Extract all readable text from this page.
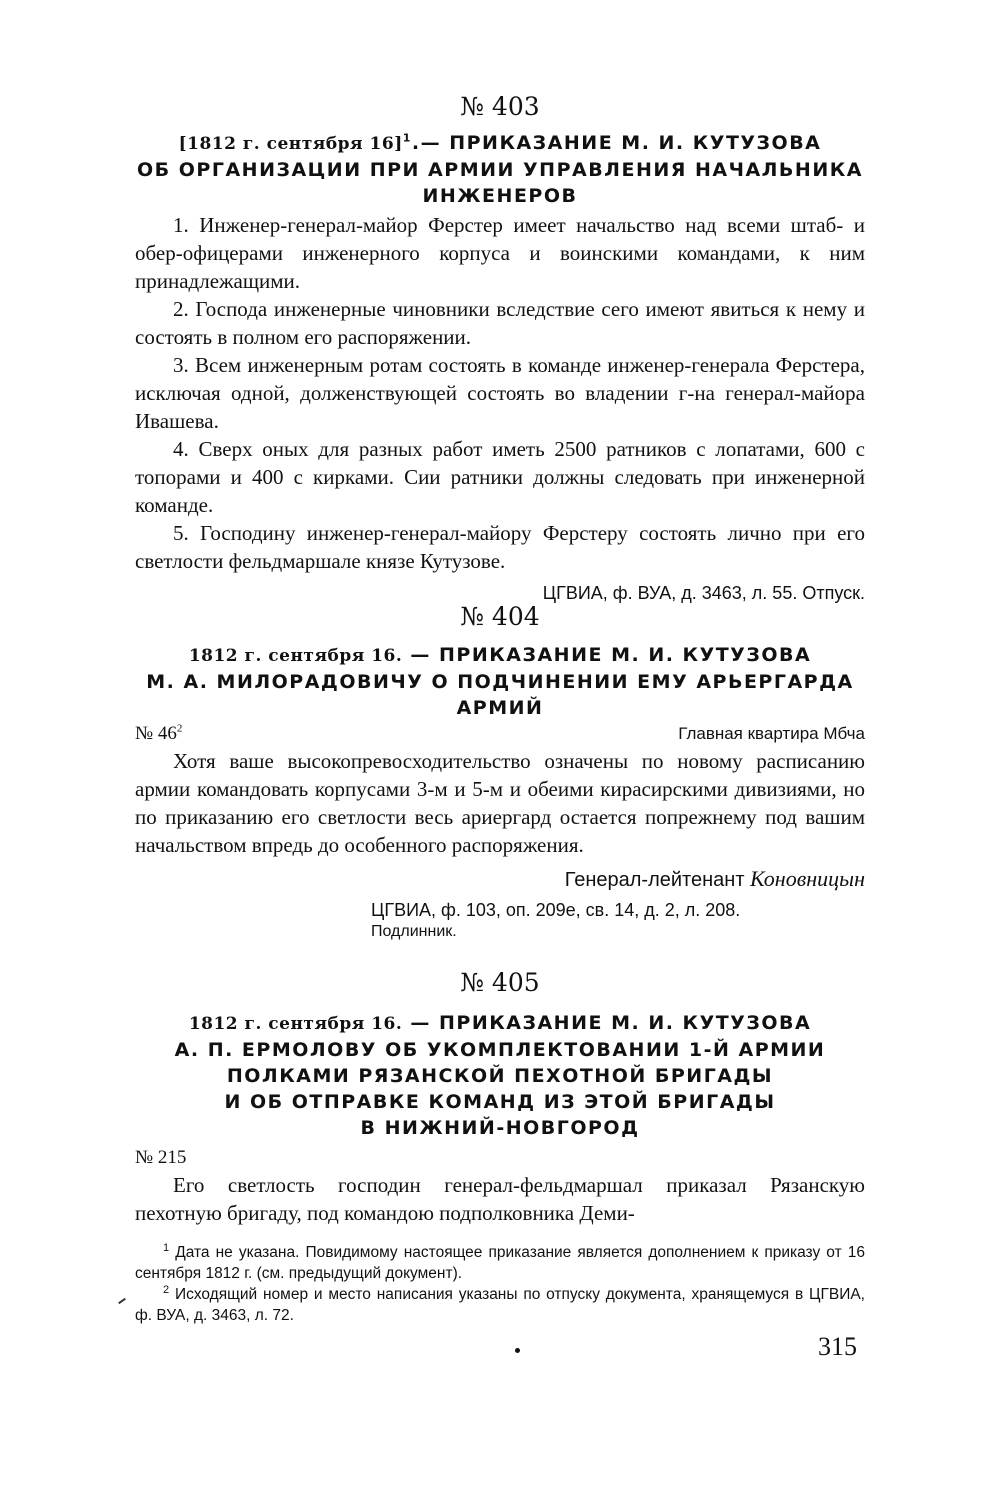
№ 403

[1812 г. сентября 16]$^1$.— ПРИКАЗАНИЕ М. И. КУТУЗОВА

ОБ ОРГАНИЗАЦИИ ПРИ АРМИИ УПРАВЛЕНИЯ НАЧАЛЬНИКА

ИНЖЕНЕРОВ

1. Инженер-генерал-майор Ферстер имеет начальство над всеми штаб- и обер-офицерами инженерного корпуса и воинскими командами, к ним принадлежащими.

2. Господа инженерные чиновники вследствие сего имеют явиться к нему и состоять в полном его распоряжении.

3. Всем инженерным ротам состоять в команде инженер-генерала Ферстера, исключая одной, долженствующей состоять во владении г-на генерал-майора Ивашева.

4. Сверх оных для разных работ иметь 2500 ратников с лопатами, 600 с топорами и 400 с кирками. Сии ратники должны следовать при инженерной команде.

5. Господину инженер-генерал-майору Ферстеру состоять лично при его светлости фельдмаршале князе Кутузове.

ЦГВИА, ф. ВУА, д. 3463, л. 55. Отпуск.

№ 404

1812 г. сентября 16. — ПРИКАЗАНИЕ М. И. КУТУЗОВА

М. А. МИЛОРАДОВИЧУ О ПОДЧИНЕНИИ ЕМУ АРЬЕРГАРДА

АРМИЙ

№ $46^2$	Главная квартира Мбча

Хотя ваше высокопревосходительство означены по новому расписанию армии командовать корпусами 3-м и 5-м и обеими кирасирскими дивизиями, но по приказанию его светлости весь ариергард остается попрежнему под вашим начальством впредь до особенного распоряжения.

Генерал-лейтенант Коновницын

ЦГВИА, ф. 103, оп. 209е, св. 14, д. 2, л. 208.

Подлинник.

№ 405

1812 г. сентября 16. — ПРИКАЗАНИЕ М. И. КУТУЗОВА

А. П. ЕРМОЛОВУ ОБ УКОМПЛЕКТОВАНИИ 1-Й АРМИИ

ПОЛКАМИ РЯЗАНСКОЙ ПЕХОТНОЙ БРИГАДЫ

И ОБ ОТПРАВКЕ КОМАНД ИЗ ЭТОЙ БРИГАДЫ

В НИЖНИЙ-НОВГОРОД

№ 215

Его светлость господин генерал-фельдмаршал приказал Рязанскую пехотную бригаду, под командою подполковника Деми-

$^1$ Дата не указана. Повидимому настоящее приказание является дополнением к приказу от 16 сентября 1812 г. (см. предыдущий документ).

$^2$ Исходящий номер и место написания указаны по отпуску документа, хранящемуся в ЦГВИА, ф. ВУА, д. 3463, л. 72.

315
